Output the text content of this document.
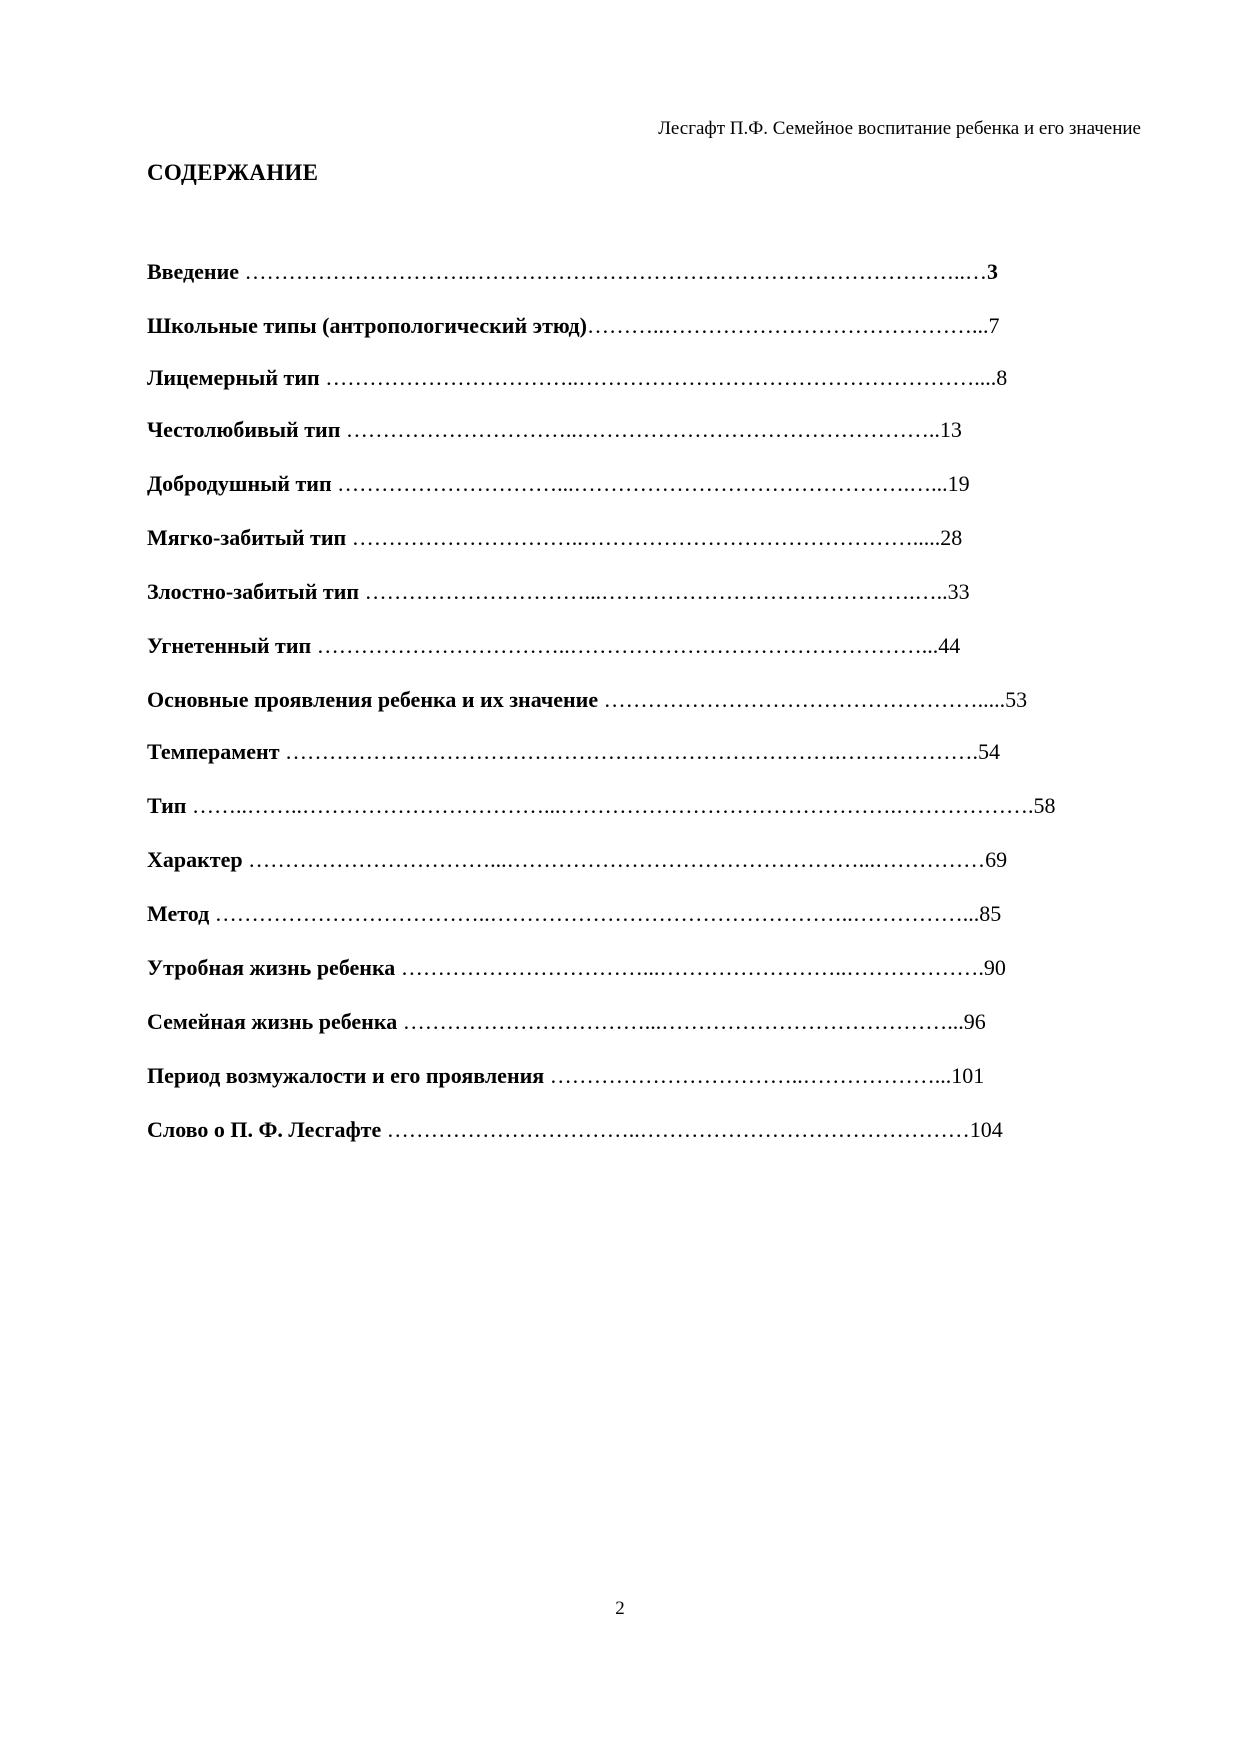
Лесгафт П.Ф. Семейное воспитание ребенка и его значение
СОДЕРЖАНИЕ

Введение ………………………….…………………………………………………………..…3

Школьные типы (антропологический этюд)………..……………………………………...7

Лицемерный тип ……………………………..………………………………………………....8

Честолюбивый тип …………………………..…………………………………………..13

Добродушный тип …………………………...……………………………………….…...19

Мягко-забитый тип …………………………..……………………………………….....28

Злостно-забитый тип …………………………...…………………………………….…..33

Угнетенный тип ……………………………..…………………………………………...44

Основные проявления ребенка и их значение …………………………………………….....53

Темперамент ………………………………………………………………….……………….54

Тип ……..……..……………………………...……………………………………….……………….58

Характер ……………………………...…………………………………………...……………69

Метод ………………………………..…………………………………………..……………...85

Утробная жизнь ребенка ……………………………...……………………..……………….90

Семейная жизнь ребенка ……………………………...…………………………………...96

Период возмужалости и его проявления ……………………………..………………...101

Слово о П. Ф. Лесгафте ……………………………..………………………………………104

2
